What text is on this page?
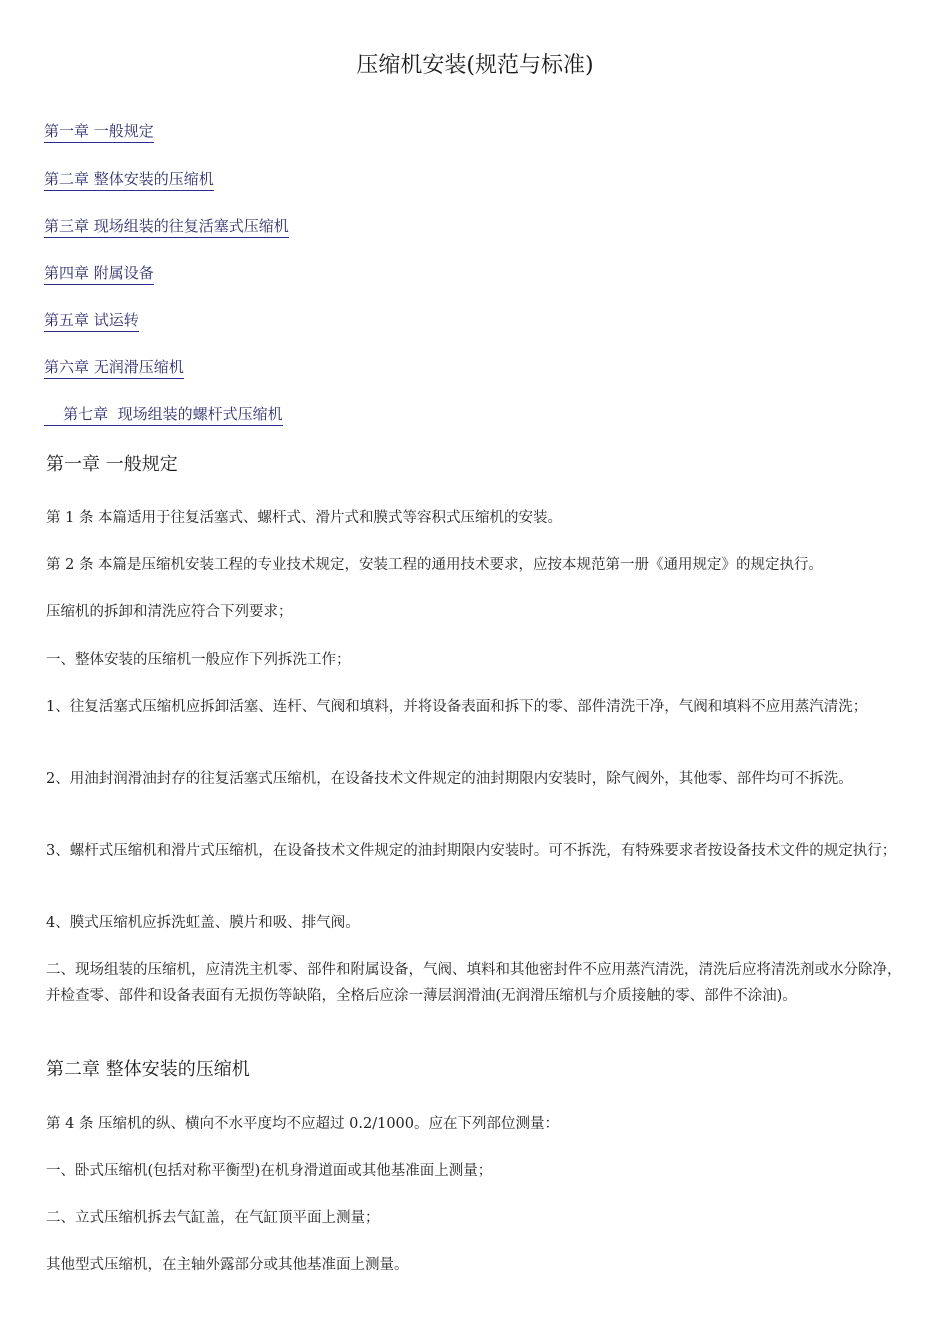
压缩机安装(规范与标准)
第一章 一般规定
第二章 整体安装的压缩机
第三章 现场组装的往复活塞式压缩机
第四章 附属设备
第五章 试运转
第六章 无润滑压缩机
第七章  现场组装的螺杆式压缩机
第一章 一般规定
第 1 条 本篇适用于往复活塞式、螺杆式、滑片式和膜式等容积式压缩机的安装。
第 2 条 本篇是压缩机安装工程的专业技术规定，安装工程的通用技术要求，应按本规范第一册《通用规定》的规定执行。
压缩机的拆卸和清洗应符合下列要求；
一、整体安装的压缩机一般应作下列拆洗工作；
1、往复活塞式压缩机应拆卸活塞、连杆、气阀和填料，并将设备表面和拆下的零、部件清洗干净，气阀和填料不应用蒸汽清洗；
2、用油封润滑油封存的往复活塞式压缩机，在设备技术文件规定的油封期限内安装时，除气阀外，其他零、部件均可不拆洗。
3、螺杆式压缩机和滑片式压缩机，在设备技术文件规定的油封期限内安装时。可不拆洗，有特殊要求者按设备技术文件的规定执行；
4、膜式压缩机应拆洗虹盖、膜片和吸、排气阀。
二、现场组装的压缩机，应清洗主机零、部件和附属设备，气阀、填料和其他密封件不应用蒸汽清洗，清洗后应将清洗剂或水分除净，并检查零、部件和设备表面有无损伤等缺陷，全格后应涂一薄层润滑油(无润滑压缩机与介质接触的零、部件不涂油)。
第二章 整体安装的压缩机
第 4 条 压缩机的纵、横向不水平度均不应超过 0.2/1000。应在下列部位测量：
一、卧式压缩机(包括对称平衡型)在机身滑道面或其他基准面上测量；
二、立式压缩机拆去气缸盖，在气缸顶平面上测量；
其他型式压缩机，在主轴外露部分或其他基准面上测量。
